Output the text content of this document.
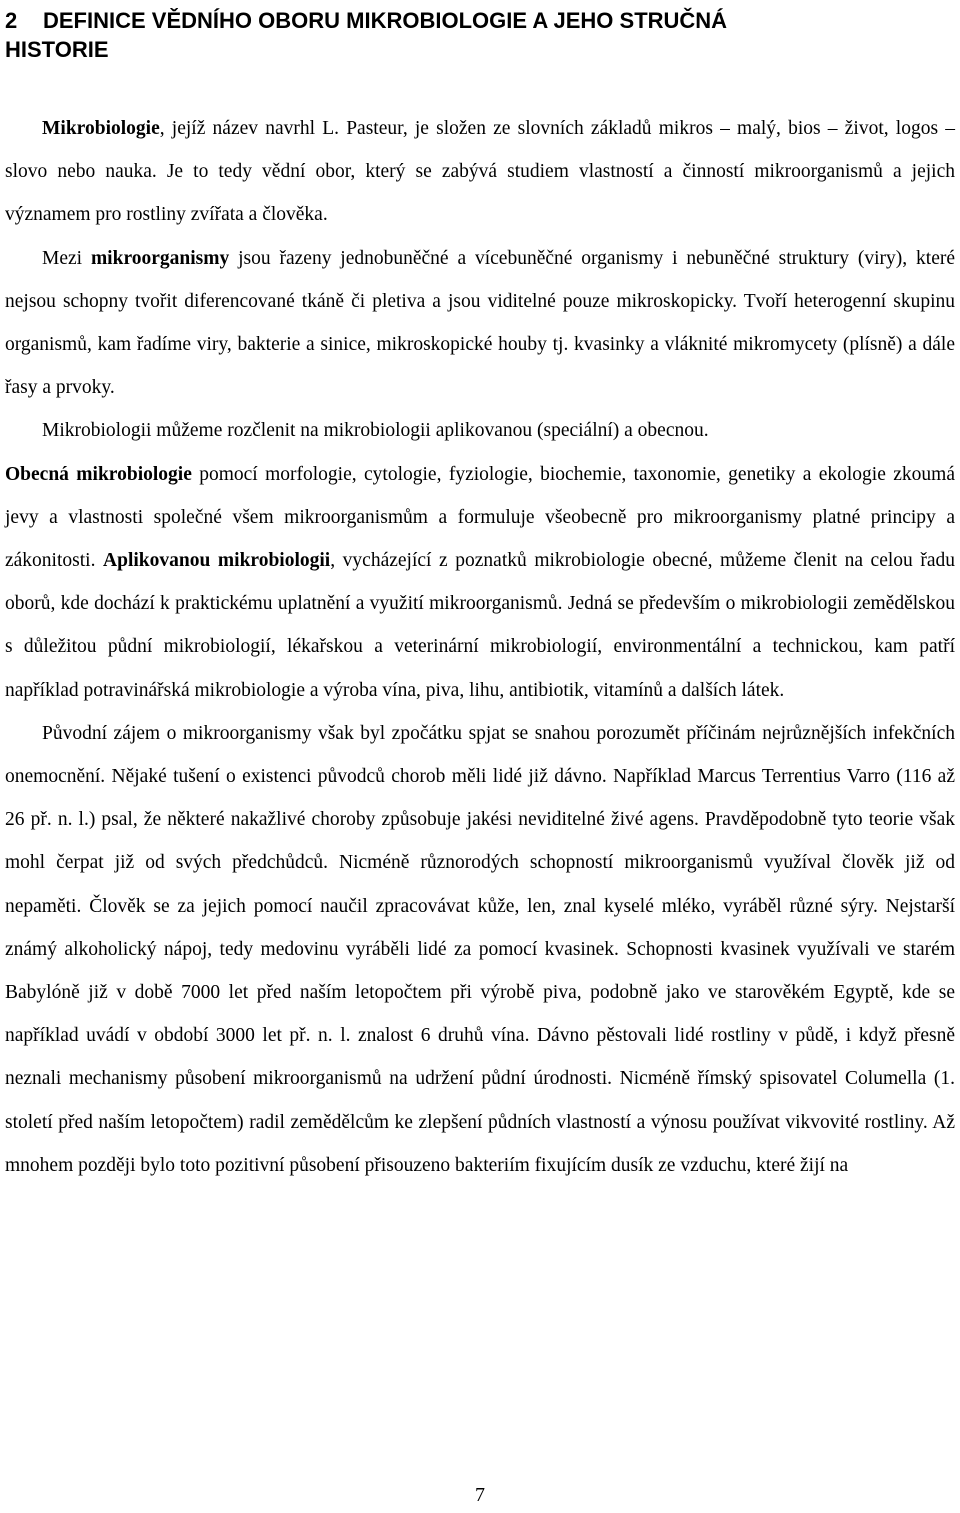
2 DEFINICE VĚDNÍHO OBORU MIKROBIOLOGIE A JEHO STRUČNÁ
HISTORIE

Mikrobiologie, jejíž název navrhl L. Pasteur, je složen ze slovních základů mikros – malý, bios – život, logos – slovo nebo nauka. Je to tedy vědní obor, který se zabývá studiem vlastností a činností mikroorganismů a jejich významem pro rostliny zvířata a člověka.

Mezi mikroorganismy jsou řazeny jednobuněčné a vícebuněčné organismy i nebuněčné struktury (viry), které nejsou schopny tvořit diferencované tkáně či pletiva a jsou viditelné pouze mikroskopicky. Tvoří heterogenní skupinu organismů, kam řadíme viry, bakterie a sinice, mikroskopické houby tj. kvasinky a vláknité mikromycety (plísně) a dále řasy a prvoky.

Mikrobiologii můžeme rozčlenit na mikrobiologii aplikovanou (speciální) a obecnou.

Obecná mikrobiologie pomocí morfologie, cytologie, fyziologie, biochemie, taxonomie, genetiky a ekologie zkoumá jevy a vlastnosti společné všem mikroorganismům a formuluje všeobecně pro mikroorganismy platné principy a zákonitosti. Aplikovanou mikrobiologii, vycházející z poznatků mikrobiologie obecné, můžeme členit na celou řadu oborů, kde dochází k praktickému uplatnění a využití mikroorganismů. Jedná se především o mikrobiologii zemědělskou s důležitou půdní mikrobiologií, lékařskou a veterinární mikrobiologií, environmentální a technickou, kam patří například potravinářská mikrobiologie a výroba vína, piva, lihu, antibiotik, vitamínů a dalších látek.

Původní zájem o mikroorganismy však byl zpočátku spjat se snahou porozumět příčinám nejrůznějších infekčních onemocnění. Nějaké tušení o existenci původců chorob měli lidé již dávno. Například Marcus Terrentius Varro (116 až 26 př. n. l.) psal, že některé nakažlivé choroby způsobuje jakési neviditelné živé agens. Pravděpodobně tyto teorie však mohl čerpat již od svých předchůdců. Nicméně různorodých schopností mikroorganismů využíval člověk již od nepaměti. Člověk se za jejich pomocí naučil zpracovávat kůže, len, znal kyselé mléko, vyráběl různé sýry. Nejstarší známý alkoholický nápoj, tedy medovinu vyráběli lidé za pomocí kvasinek. Schopnosti kvasinek využívali ve starém Babylóně již v době 7000 let před naším letopočtem při výrobě piva, podobně jako ve starověkém Egyptě, kde se například uvádí v období 3000 let př. n. l. znalost 6 druhů vína. Dávno pěstovali lidé rostliny v půdě, i když přesně neznali mechanismy působení mikroorganismů na udržení půdní úrodnosti. Nicméně římský spisovatel Columella (1. století před naším letopočtem) radil zemědělcům ke zlepšení půdních vlastností a výnosu používat vikvovité rostliny. Až mnohem později bylo toto pozitivní působení přisouzeno bakteriím fixujícím dusík ze vzduchu, které žijí na

7
